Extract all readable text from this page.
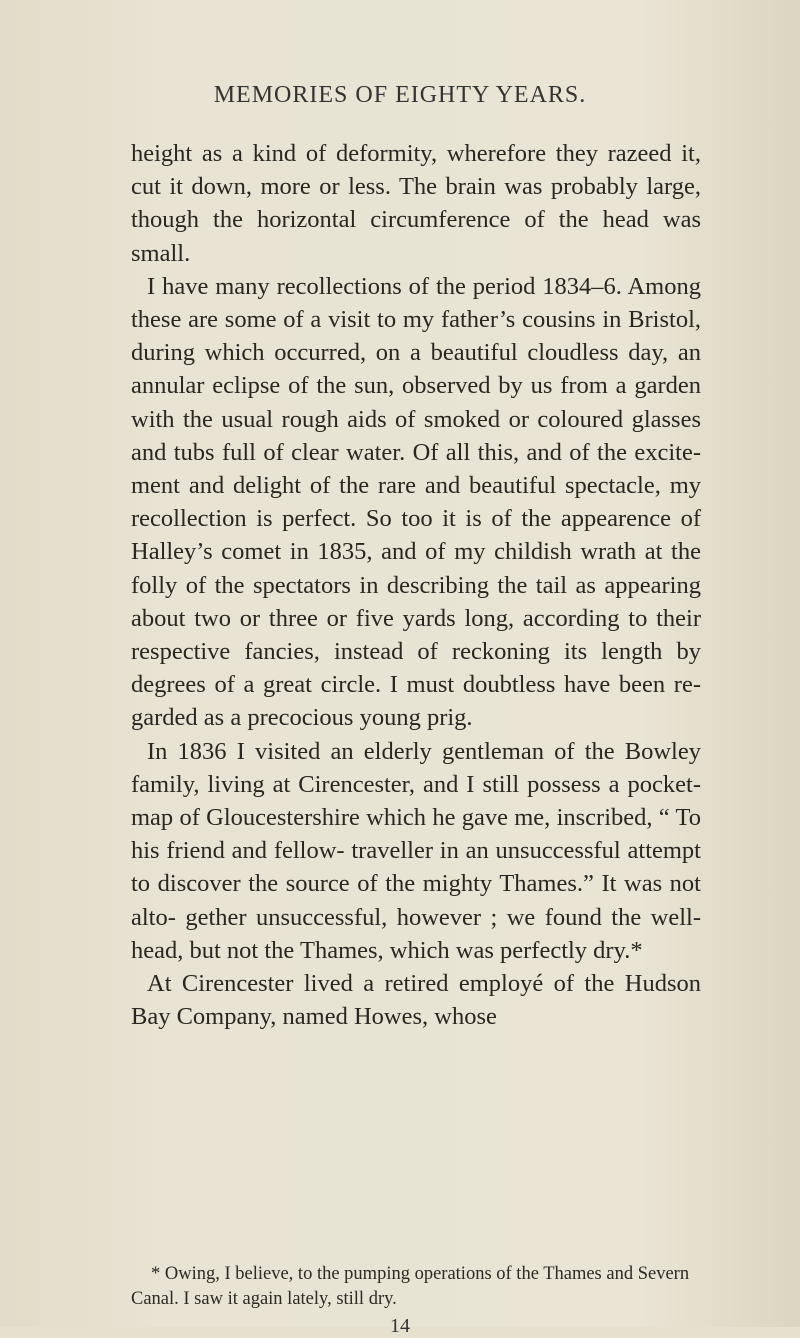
MEMORIES OF EIGHTY YEARS.

height as a kind of deformity, wherefore they razeed it, cut it down, more or less. The brain was probably large, though the horizontal circumference of the head was small.

I have many recollections of the period 1834–6. Among these are some of a visit to my father’s cousins in Bristol, during which occurred, on a beautiful cloudless day, an annular eclipse of the sun, observed by us from a garden with the usual rough aids of smoked or coloured glasses and tubs full of clear water. Of all this, and of the excite- ment and delight of the rare and beautiful spectacle, my recollection is perfect. So too it is of the appearence of Halley’s comet in 1835, and of my childish wrath at the folly of the spectators in describing the tail as appearing about two or three or five yards long, according to their respective fancies, instead of reckoning its length by degrees of a great circle. I must doubtless have been re- garded as a precocious young prig.

In 1836 I visited an elderly gentleman of the Bowley family, living at Cirencester, and I still possess a pocket-map of Gloucestershire which he gave me, inscribed, “ To his friend and fellow- traveller in an unsuccessful attempt to discover the source of the mighty Thames.” It was not alto- gether unsuccessful, however ; we found the well- head, but not the Thames, which was perfectly dry.*

At Cirencester lived a retired employé of the Hudson Bay Company, named Howes, whose

* Owing, I believe, to the pumping operations of the Thames and Severn Canal. I saw it again lately, still dry.

14
